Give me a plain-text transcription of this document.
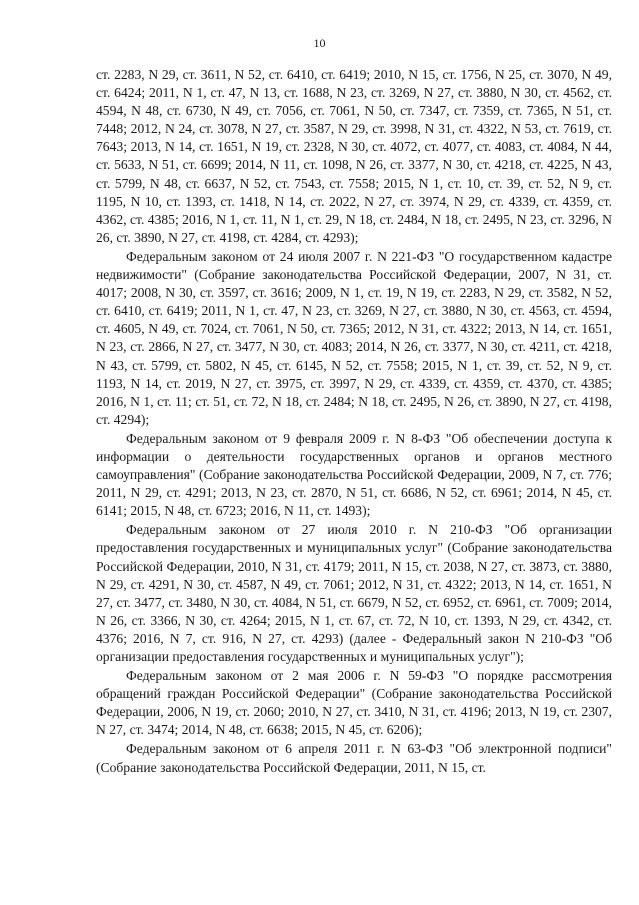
10

ст. 2283, N 29, ст. 3611, N 52, ст. 6410, ст. 6419; 2010, N 15, ст. 1756, N 25, ст. 3070, N 49, ст. 6424; 2011, N 1, ст. 47, N 13, ст. 1688, N 23, ст. 3269, N 27, ст. 3880, N 30, ст. 4562, ст. 4594, N 48, ст. 6730, N 49, ст. 7056, ст. 7061, N 50, ст. 7347, ст. 7359, ст. 7365, N 51, ст. 7448; 2012, N 24, ст. 3078, N 27, ст. 3587, N 29, ст. 3998, N 31, ст. 4322, N 53, ст. 7619, ст. 7643; 2013, N 14, ст. 1651, N 19, ст. 2328, N 30, ст. 4072, ст. 4077, ст. 4083, ст. 4084, N 44, ст. 5633, N 51, ст. 6699; 2014, N 11, ст. 1098, N 26, ст. 3377, N 30, ст. 4218, ст. 4225, N 43, ст. 5799, N 48, ст. 6637, N 52, ст. 7543, ст. 7558; 2015, N 1, ст. 10, ст. 39, ст. 52, N 9, ст. 1195, N 10, ст. 1393, ст. 1418, N 14, ст. 2022, N 27, ст. 3974, N 29, ст. 4339, ст. 4359, ст. 4362, ст. 4385; 2016, N 1, ст. 11, N 1, ст. 29, N 18, ст. 2484, N 18, ст. 2495, N 23, ст. 3296, N 26, ст. 3890, N 27, ст. 4198, ст. 4284, ст. 4293);

Федеральным законом от 24 июля 2007 г. N 221-ФЗ "О государственном кадастре недвижимости" (Собрание законодательства Российской Федерации, 2007, N 31, ст. 4017; 2008, N 30, ст. 3597, ст. 3616; 2009, N 1, ст. 19, N 19, ст. 2283, N 29, ст. 3582, N 52, ст. 6410, ст. 6419; 2011, N 1, ст. 47, N 23, ст. 3269, N 27, ст. 3880, N 30, ст. 4563, ст. 4594, ст. 4605, N 49, ст. 7024, ст. 7061, N 50, ст. 7365; 2012, N 31, ст. 4322; 2013, N 14, ст. 1651, N 23, ст. 2866, N 27, ст. 3477, N 30, ст. 4083; 2014, N 26, ст. 3377, N 30, ст. 4211, ст. 4218, N 43, ст. 5799, ст. 5802, N 45, ст. 6145, N 52, ст. 7558; 2015, N 1, ст. 39, ст. 52, N 9, ст. 1193, N 14, ст. 2019, N 27, ст. 3975, ст. 3997, N 29, ст. 4339, ст. 4359, ст. 4370, ст. 4385; 2016, N 1, ст. 11; ст. 51, ст. 72, N 18, ст. 2484; N 18, ст. 2495, N 26, ст. 3890, N 27, ст. 4198, ст. 4294);

Федеральным законом от 9 февраля 2009 г. N 8-ФЗ "Об обеспечении доступа к информации о деятельности государственных органов и органов местного самоуправления" (Собрание законодательства Российской Федерации, 2009, N 7, ст. 776; 2011, N 29, ст. 4291; 2013, N 23, ст. 2870, N 51, ст. 6686, N 52, ст. 6961; 2014, N 45, ст. 6141; 2015, N 48, ст. 6723; 2016, N 11, ст. 1493);

Федеральным законом от 27 июля 2010 г. N 210-ФЗ "Об организации предоставления государственных и муниципальных услуг" (Собрание законодательства Российской Федерации, 2010, N 31, ст. 4179; 2011, N 15, ст. 2038, N 27, ст. 3873, ст. 3880, N 29, ст. 4291, N 30, ст. 4587, N 49, ст. 7061; 2012, N 31, ст. 4322; 2013, N 14, ст. 1651, N 27, ст. 3477, ст. 3480, N 30, ст. 4084, N 51, ст. 6679, N 52, ст. 6952, ст. 6961, ст. 7009; 2014, N 26, ст. 3366, N 30, ст. 4264; 2015, N 1, ст. 67, ст. 72, N 10, ст. 1393, N 29, ст. 4342, ст. 4376; 2016, N 7, ст. 916, N 27, ст. 4293) (далее - Федеральный закон N 210-ФЗ "Об организации предоставления государственных и муниципальных услуг");

Федеральным законом от 2 мая 2006 г. N 59-ФЗ "О порядке рассмотрения обращений граждан Российской Федерации" (Собрание законодательства Российской Федерации, 2006, N 19, ст. 2060; 2010, N 27, ст. 3410, N 31, ст. 4196; 2013, N 19, ст. 2307, N 27, ст. 3474; 2014, N 48, ст. 6638; 2015, N 45, ст. 6206);

Федеральным законом от 6 апреля 2011 г. N 63-ФЗ "Об электронной подписи" (Собрание законодательства Российской Федерации, 2011, N 15, ст.
